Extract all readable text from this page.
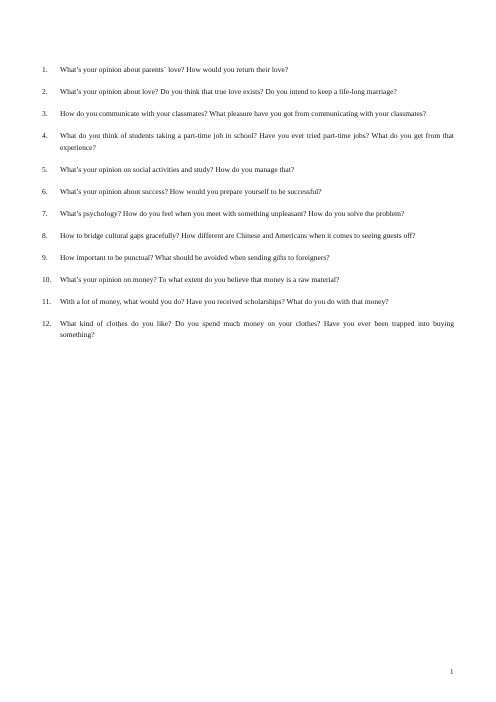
1.	What’s your opinion about parents` love? How would you return their love?
2.	What’s your opinion about love? Do you think that true love exists? Do you intend to keep a life-long marriage?
3.	How do you communicate with your classmates? What pleasure have you got from communicating with your classmates?
4.	What do you think of students taking a part-time job in school? Have you ever tried part-time jobs? What do you get from that experience?
5.	What’s your opinion on social activities and study? How do you manage that?
6.	What’s your opinion about success? How would you prepare yourself to be successful?
7.	What’s psychology? How do you feel when you meet with something unpleasant? How do you solve the problem?
8.	How to bridge cultural gaps gracefully? How different are Chinese and Americans when it comes to seeing guests off?
9.	How important to be punctual? What should be avoided when sending gifts to foreigners?
10.	What’s your opinion on money? To what extent do you believe that money is a raw material?
11.	With a lot of money, what would you do? Have you received scholarships? What do you do with that money?
12.	What kind of clothes do you like? Do you spend much money on your clothes? Have you ever been trapped into buying something?
1
